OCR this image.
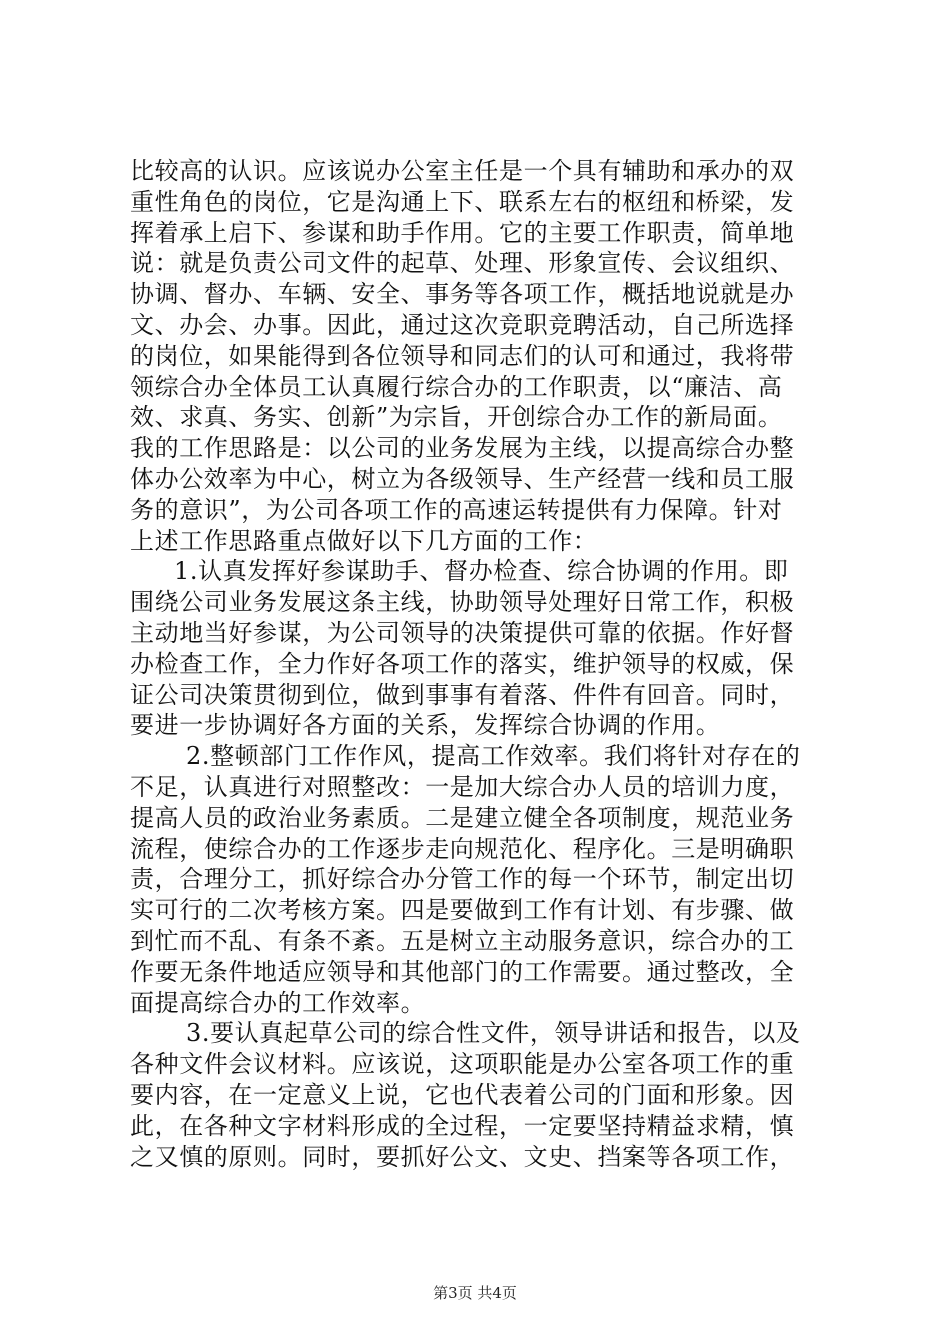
比较高的认识。应该说办公室主任是一个具有辅助和承办的双
重性角色的岗位，它是沟通上下、联系左右的枢纽和桥梁，发
挥着承上启下、参谋和助手作用。它的主要工作职责，简单地
说：就是负责公司文件的起草、处理、形象宣传、会议组织、
协调、督办、车辆、安全、事务等各项工作，概括地说就是办
文、办会、办事。因此，通过这次竞职竞聘活动，自己所选择
的岗位，如果能得到各位领导和同志们的认可和通过，我将带
领综合办全体员工认真履行综合办的工作职责，以“廉洁、高
效、求真、务实、创新”为宗旨，开创综合办工作的新局面。
我的工作思路是：以公司的业务发展为主线，以提高综合办整
体办公效率为中心，树立为各级领导、生产经营一线和员工服
务的意识”，为公司各项工作的高速运转提供有力保障。针对
上述工作思路重点做好以下几方面的工作：
1.认真发挥好参谋助手、督办检查、综合协调的作用。即
围绕公司业务发展这条主线，协助领导处理好日常工作，积极
主动地当好参谋，为公司领导的决策提供可靠的依据。作好督
办检查工作，全力作好各项工作的落实，维护领导的权威，保
证公司决策贯彻到位，做到事事有着落、件件有回音。同时，
要进一步协调好各方面的关系，发挥综合协调的作用。
2.整顿部门工作作风，提高工作效率。我们将针对存在的
不足，认真进行对照整改：一是加大综合办人员的培训力度，
提高人员的政治业务素质。二是建立健全各项制度，规范业务
流程，使综合办的工作逐步走向规范化、程序化。三是明确职
责，合理分工，抓好综合办分管工作的每一个环节，制定出切
实可行的二次考核方案。四是要做到工作有计划、有步骤、做
到忙而不乱、有条不紊。五是树立主动服务意识，综合办的工
作要无条件地适应领导和其他部门的工作需要。通过整改，全
面提高综合办的工作效率。
3.要认真起草公司的综合性文件，领导讲话和报告，以及
各种文件会议材料。应该说，这项职能是办公室各项工作的重
要内容，在一定意义上说，它也代表着公司的门面和形象。因
此，在各种文字材料形成的全过程，一定要坚持精益求精，慎
之又慎的原则。同时，要抓好公文、文史、挡案等各项工作，
第3页 共4页
